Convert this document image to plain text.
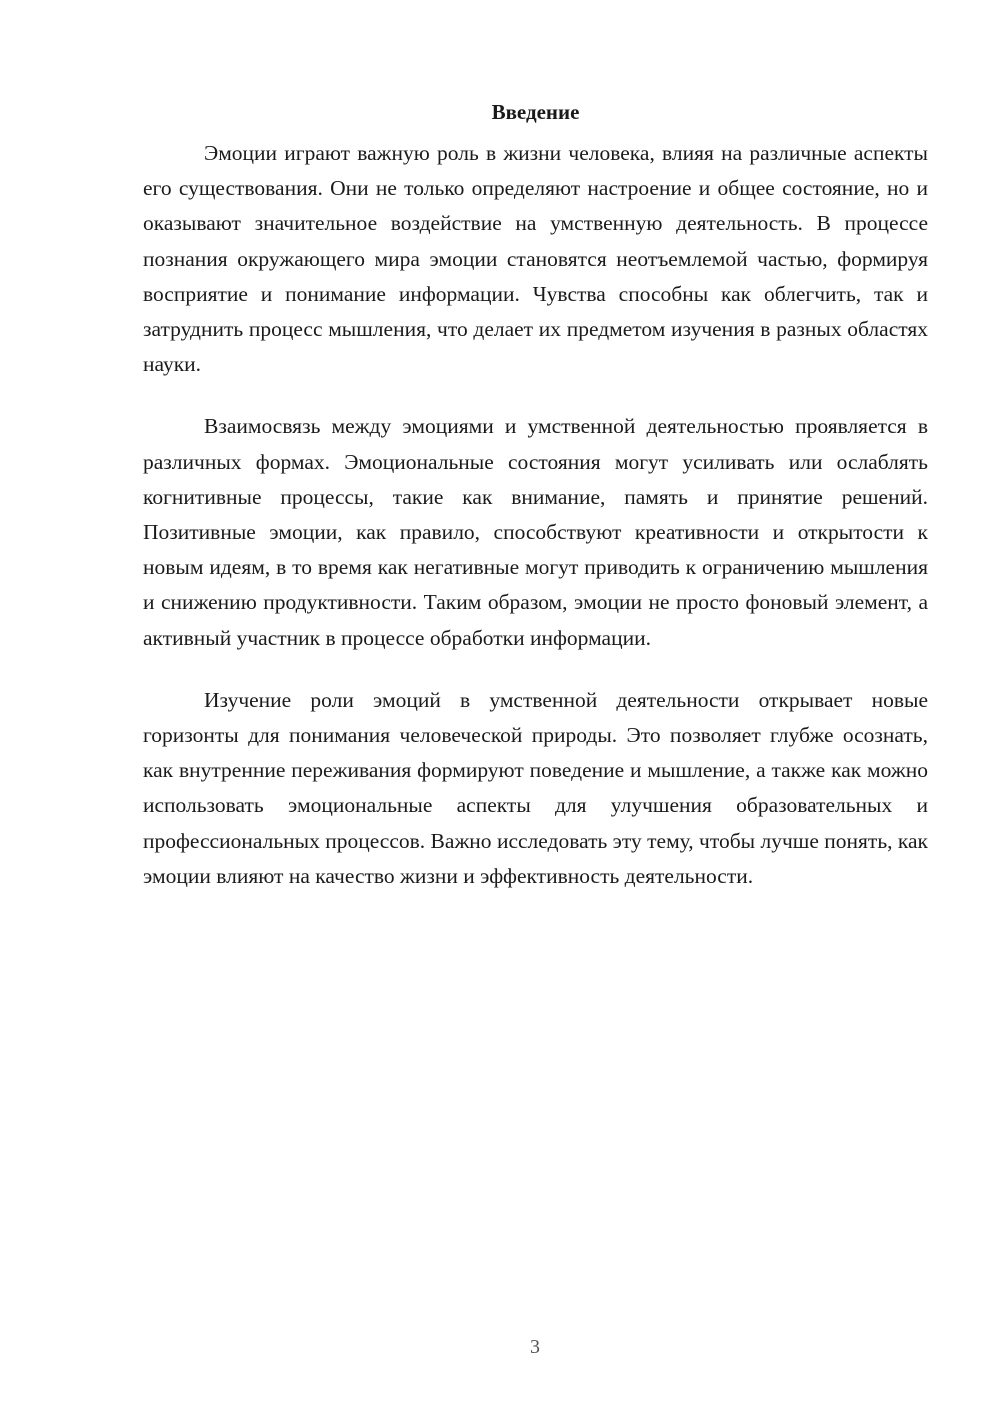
Введение

Эмоции играют важную роль в жизни человека, влияя на различные аспекты его существования. Они не только определяют настроение и общее состояние, но и оказывают значительное воздействие на умственную деятельность. В процессе познания окружающего мира эмоции становятся неотъемлемой частью, формируя восприятие и понимание информации. Чувства способны как облегчить, так и затруднить процесс мышления, что делает их предметом изучения в разных областях науки.

Взаимосвязь между эмоциями и умственной деятельностью проявляется в различных формах. Эмоциональные состояния могут усиливать или ослаблять когнитивные процессы, такие как внимание, память и принятие решений. Позитивные эмоции, как правило, способствуют креативности и открытости к новым идеям, в то время как негативные могут приводить к ограничению мышления и снижению продуктивности. Таким образом, эмоции не просто фоновый элемент, а активный участник в процессе обработки информации.

Изучение роли эмоций в умственной деятельности открывает новые горизонты для понимания человеческой природы. Это позволяет глубже осознать, как внутренние переживания формируют поведение и мышление, а также как можно использовать эмоциональные аспекты для улучшения образовательных и профессиональных процессов. Важно исследовать эту тему, чтобы лучше понять, как эмоции влияют на качество жизни и эффективность деятельности.

3
